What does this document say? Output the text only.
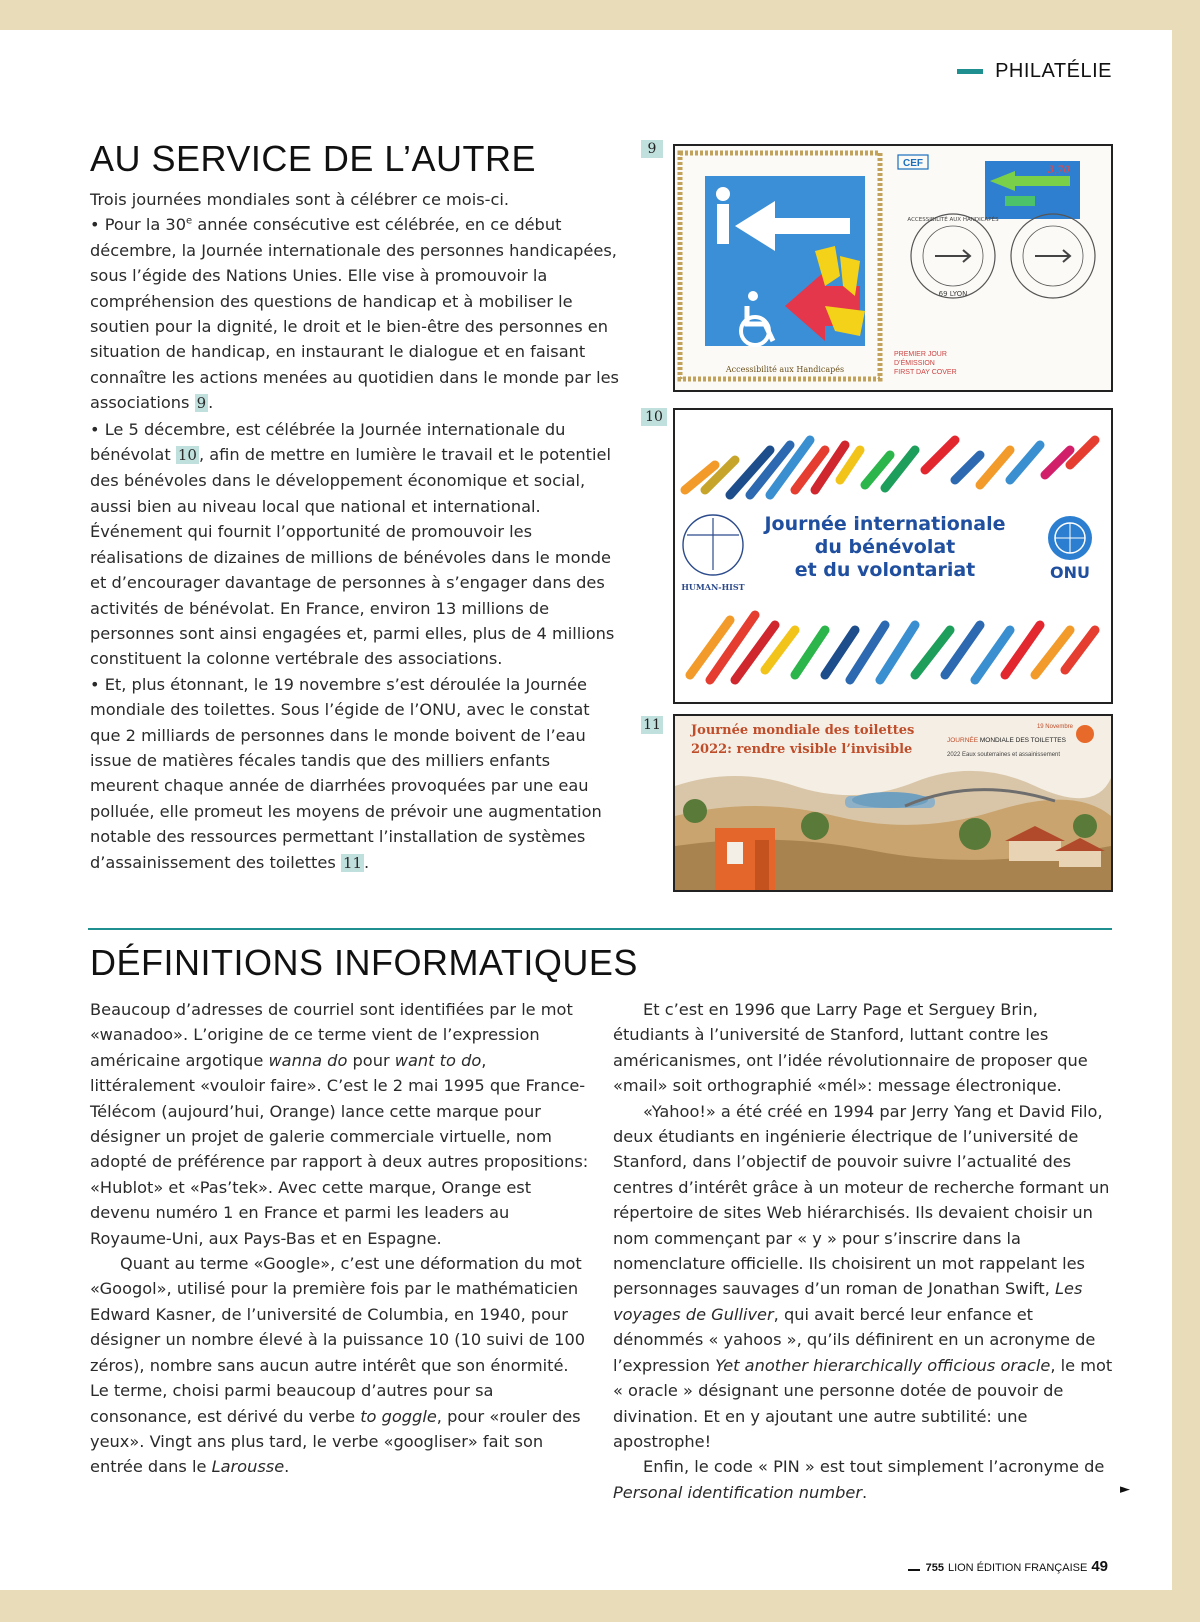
PHILATÉLIE
AU SERVICE DE L’AUTRE

Trois journées mondiales sont à célébrer ce mois-ci.

• Pour la 30e année consécutive est célébrée, en ce début décembre, la Journée internationale des personnes handicapées, sous l’égide des Nations Unies. Elle vise à promouvoir la compréhension des questions de handicap et à mobiliser le soutien pour la dignité, le droit et le bien-être des personnes en situation de handicap, en instaurant le dialogue et en faisant connaître les actions menées au quotidien dans le monde par les associations 9 .

• Le 5 décembre, est célébrée la Journée internationale du bénévolat 10 , afin de mettre en lumière le travail et le potentiel des bénévoles dans le développement économique et social, aussi bien au niveau local que national et international. Événement qui fournit l’opportunité de promouvoir les réalisations de dizaines de millions de bénévoles dans le monde et d’encourager davantage de personnes à s’engager dans des activités de bénévolat. En France, environ 13 millions de personnes sont ainsi engagées et, parmi elles, plus de 4 millions constituent la colonne vertébrale des associations.

• Et, plus étonnant, le 19 novembre s’est déroulée la Journée mondiale des toilettes. Sous l’égide de l’ONU, avec le constat que 2 milliards de personnes dans le monde boivent de l’eau issue de matières fécales tandis que des milliers enfants meurent chaque année de diarrhées provoquées par une eau polluée, elle promeut les moyens de prévoir une augmentation notable des ressources permettant l’installation de systèmes d’assainissement des toilettes 11 .

9
Accessibilité aux Handicapés
CEF
3,70
ACCESSIBILITÉ AUX HANDICAPÉS
69 LYON
PREMIER JOUR
D’ÉMISSION
FIRST DAY COVER
10
HUMAN-HIST
Journée internationale
du bénévolat
et du volontariat	ONU
11 Journée mondiale des toilettes
2022: rendre visible l’invisible
19 Novembre
JOURNÉE MONDIALE DES TOILETTES
2022 Eaux souterraines et assainissement
DÉFINITIONS INFORMATIQUES

Beaucoup d’adresses de courriel sont identifiées par le mot «wanadoo». L’origine de ce terme vient de l’expression américaine argotique wanna do pour want to do, littéralement «vouloir faire». C’est le 2 mai 1995 que France-Télécom (aujourd’hui, Orange) lance cette marque pour désigner un projet de galerie commerciale virtuelle, nom adopté de préférence par rapport à deux autres propositions: «Hublot» et «Pas’tek». Avec cette marque, Orange est devenu numéro 1 en France et parmi les leaders au Royaume-Uni, aux Pays-Bas et en Espagne.

Quant au terme «Google», c’est une déformation du mot «Googol», utilisé pour la première fois par le mathématicien Edward Kasner, de l’université de Columbia, en 1940, pour désigner un nombre élevé à la puissance 10 (10 suivi de 100 zéros), nombre sans aucun autre intérêt que son énormité. Le terme, choisi parmi beaucoup d’autres pour sa consonance, est dérivé du verbe to goggle, pour «rouler des yeux». Vingt ans plus tard, le verbe «googliser» fait son entrée dans le Larousse.

Et c’est en 1996 que Larry Page et Serguey Brin, étudiants à l’université de Stanford, luttant contre les américanismes, ont l’idée révolutionnaire de proposer que «mail» soit orthographié «mél»: message électronique.

«Yahoo!» a été créé en 1994 par Jerry Yang et David Filo, deux étudiants en ingénierie électrique de l’université de Stanford, dans l’objectif de pouvoir suivre l’actualité des centres d’intérêt grâce à un moteur de recherche formant un répertoire de sites Web hiérarchisés. Ils devaient choisir un nom commençant par « y » pour s’inscrire dans la nomenclature officielle. Ils choisirent un mot rappelant les personnages sauvages d’un roman de Jonathan Swift, Les voyages de Gulliver, qui avait bercé leur enfance et dénommés « yahoos », qu’ils définirent en un acronyme de l’expression Yet another hierarchically officious oracle, le mot « oracle » désignant une personne dotée de pouvoir de divination. Et en y ajoutant une autre subtilité: une apostrophe!

Enfin, le code « PIN » est tout simplement l’acronyme de Personal identification number.	►
755 LION ÉDITION FRANÇAISE 49
